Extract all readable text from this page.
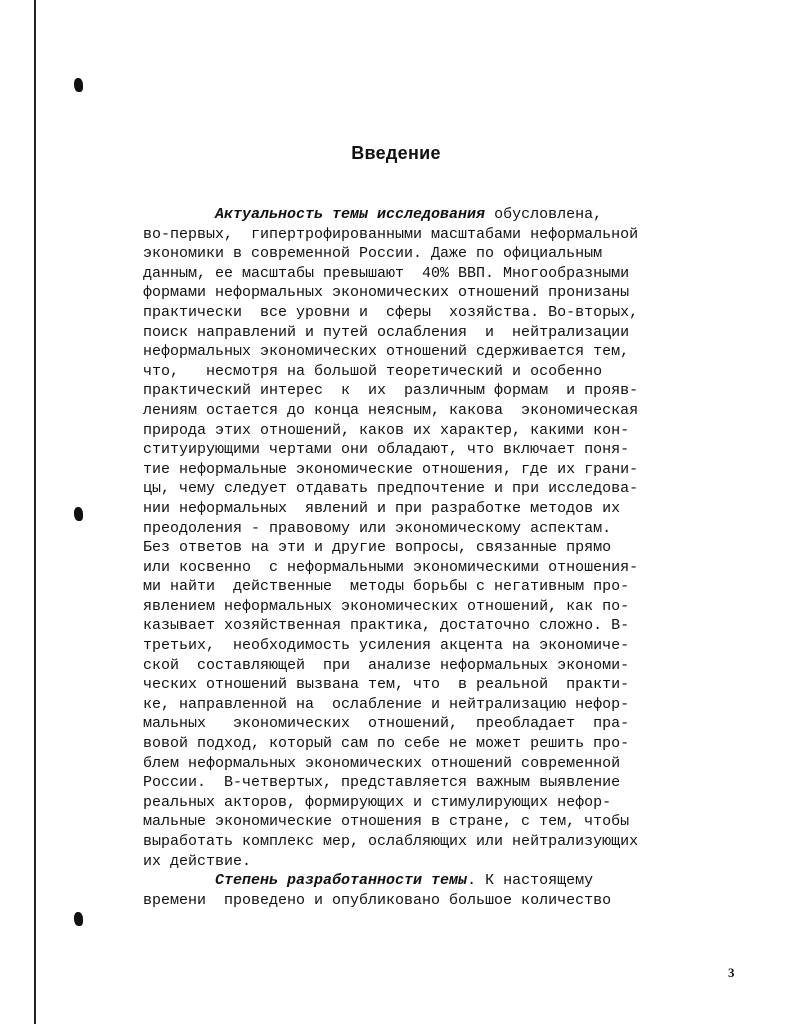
Введение
Актуальность темы исследования обусловлена,
во-первых,  гипертрофированными масштабами неформальной
экономики в современной России. Даже по официальным
данным, ее масштабы превышают  40% ВВП. Многообразными
формами неформальных экономических отношений пронизаны
практически  все уровни и  сферы  хозяйства. Во-вторых,
поиск направлений и путей ослабления  и  нейтрализации
неформальных экономических отношений сдерживается тем,
что,   несмотря на большой теоретический и особенно
практический интерес  к  их  различным формам  и прояв-
лениям остается до конца неясным, какова  экономическая
природа этих отношений, каков их характер, какими кон-
ституирующими чертами они обладают, что включает поня-
тие неформальные экономические отношения, где их грани-
цы, чему следует отдавать предпочтение и при исследова-
нии неформальных  явлений и при разработке методов их
преодоления - правовому или экономическому аспектам.
Без ответов на эти и другие вопросы, связанные прямо
или косвенно  с неформальными экономическими отношения-
ми найти  действенные  методы борьбы с негативным про-
явлением неформальных экономических отношений, как по-
казывает хозяйственная практика, достаточно сложно. В-
третьих,  необходимость усиления акцента на экономиче-
ской  составляющей  при  анализе неформальных экономи-
ческих отношений вызвана тем, что  в реальной  практи-
ке, направленной на  ослабление и нейтрализацию нефор-
мальных   экономических  отношений,  преобладает  пра-
вовой подход, который сам по себе не может решить про-
блем неформальных экономических отношений современной
России.  В-четвертых, представляется важным выявление
реальных акторов, формирующих и стимулирующих нефор-
мальные экономические отношения в стране, с тем, чтобы
выработать комплекс мер, ослабляющих или нейтрализующих
их действие.
Степень разработанности темы. К настоящему
времени  проведено и опубликовано большое количество
3
